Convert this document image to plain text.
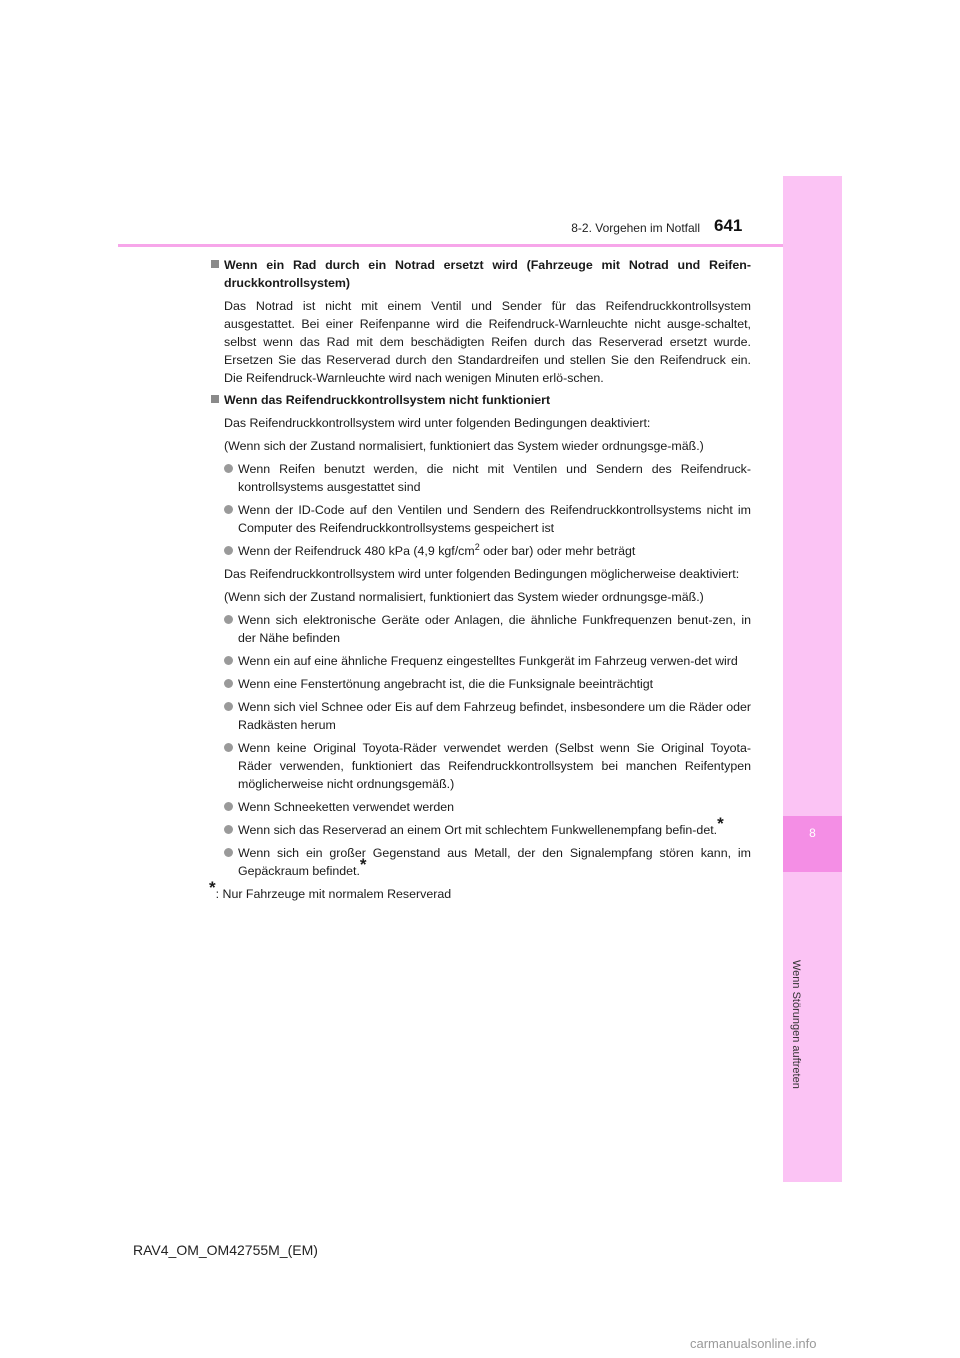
8
8-2. Vorgehen im Notfall 641
Wenn ein Rad durch ein Notrad ersetzt wird (Fahrzeuge mit Notrad und Reifen-druckkontrollsystem)
Das Notrad ist nicht mit einem Ventil und Sender für das Reifendruckkontrollsystem ausgestattet. Bei einer Reifenpanne wird die Reifendruck-Warnleuchte nicht ausge-schaltet, selbst wenn das Rad mit dem beschädigten Reifen durch das Reserverad ersetzt wurde. Ersetzen Sie das Reserverad durch den Standardreifen und stellen Sie den Reifendruck ein. Die Reifendruck-Warnleuchte wird nach wenigen Minuten erlö-schen.
Wenn das Reifendruckkontrollsystem nicht funktioniert
Das Reifendruckkontrollsystem wird unter folgenden Bedingungen deaktiviert:
(Wenn sich der Zustand normalisiert, funktioniert das System wieder ordnungsge-mäß.)
Wenn Reifen benutzt werden, die nicht mit Ventilen und Sendern des Reifendruck-kontrollsystems ausgestattet sind
Wenn der ID-Code auf den Ventilen und Sendern des Reifendruckkontrollsystems nicht im Computer des Reifendruckkontrollsystems gespeichert ist
Wenn der Reifendruck 480 kPa (4,9 kgf/$cm^2$ oder bar) oder mehr beträgt
Das Reifendruckkontrollsystem wird unter folgenden Bedingungen möglicherweise deaktiviert:
(Wenn sich der Zustand normalisiert, funktioniert das System wieder ordnungsge-mäß.)
Wenn sich elektronische Geräte oder Anlagen, die ähnliche Funkfrequenzen benut-zen, in der Nähe befinden
Wenn ein auf eine ähnliche Frequenz eingestelltes Funkgerät im Fahrzeug verwen-det wird
Wenn eine Fenstertönung angebracht ist, die die Funksignale beeinträchtigt
Wenn sich viel Schnee oder Eis auf dem Fahrzeug befindet, insbesondere um die Räder oder Radkästen herum
Wenn keine Original Toyota-Räder verwendet werden (Selbst wenn Sie Original Toyota-Räder verwenden, funktioniert das Reifendruckkontrollsystem bei manchen Reifentypen möglicherweise nicht ordnungsgemäß.)
Wenn Schneeketten verwendet werden
Wenn sich das Reserverad an einem Ort mit schlechtem Funkwellenempfang befin-det.*
Wenn sich ein großer Gegenstand aus Metall, der den Signalempfang stören kann, im Gepäckraum befindet.*
*: Nur Fahrzeuge mit normalem Reserverad
RAV4_OM_OM42755M_(EM)
carmanualsonline.info
